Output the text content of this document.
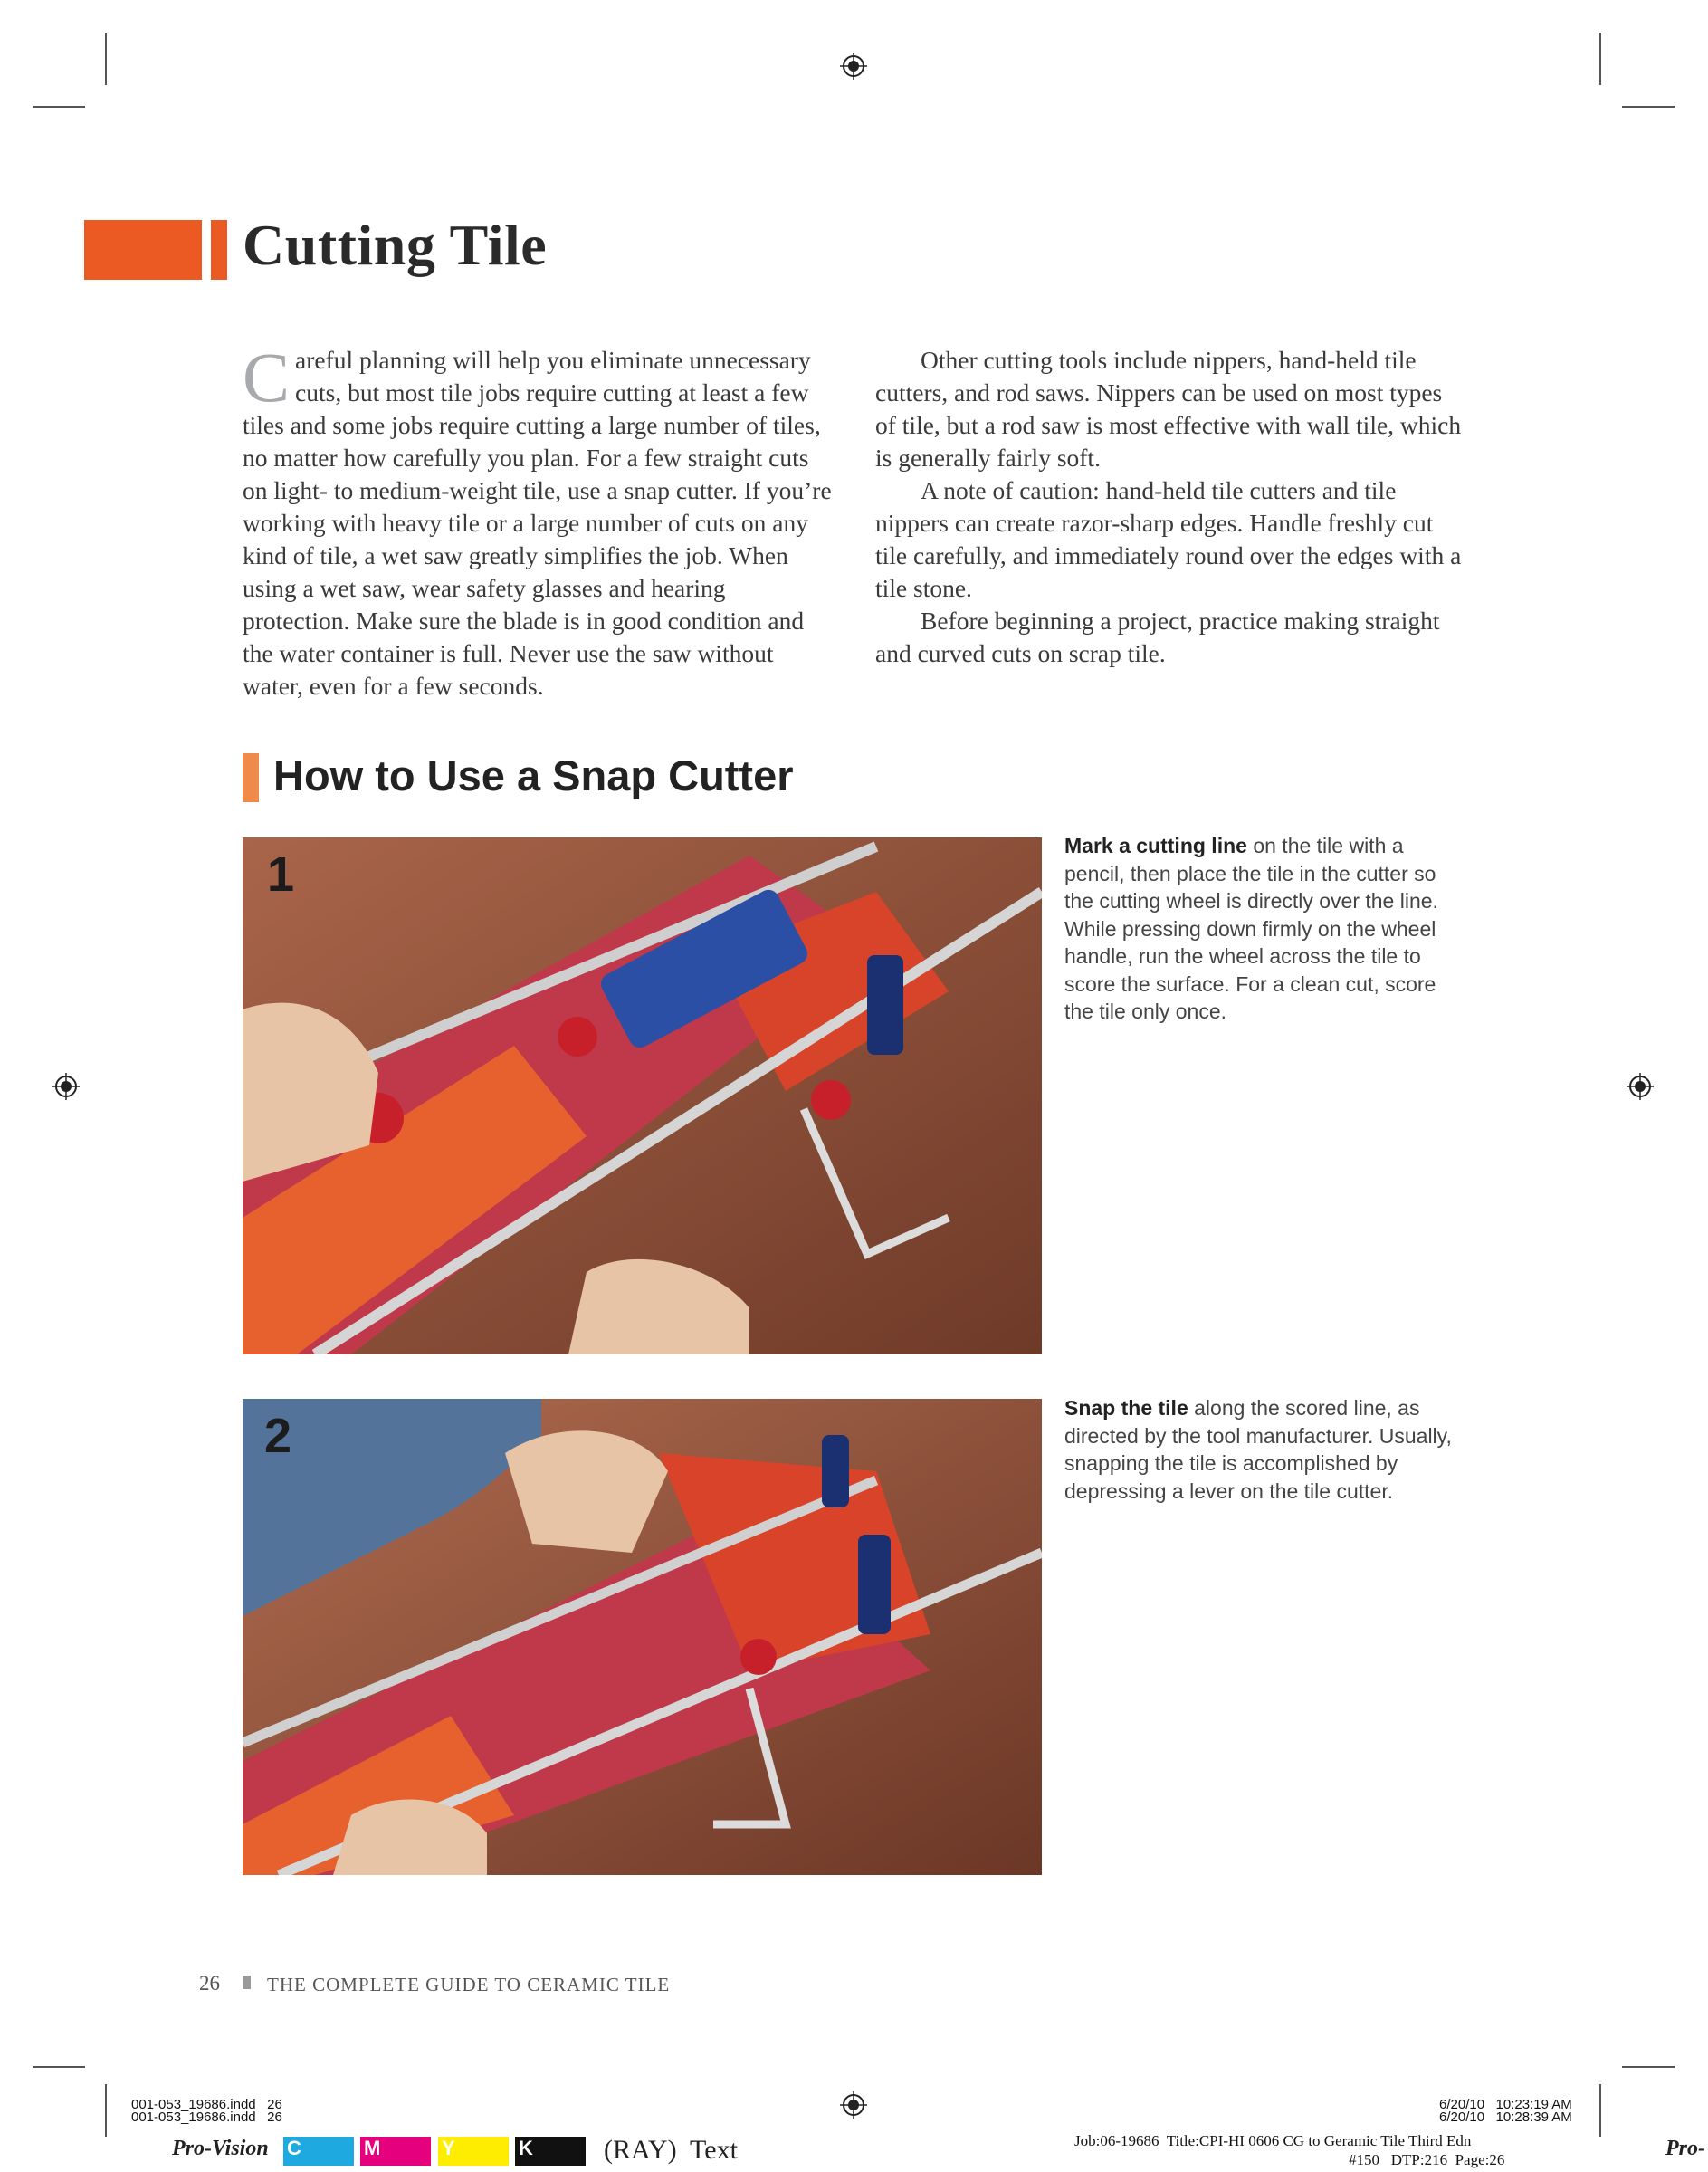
Cutting Tile

Careful planning will help you eliminate unnecessary cuts, but most tile jobs require cutting at least a few tiles and some jobs require cutting a large number of tiles, no matter how carefully you plan. For a few straight cuts on light- to medium-weight tile, use a snap cutter. If you’re working with heavy tile or a large number of cuts on any kind of tile, a wet saw greatly simplifies the job. When using a wet saw, wear safety glasses and hearing protection. Make sure the blade is in good condition and the water container is full. Never use the saw without water, even for a few seconds.

Other cutting tools include nippers, hand-held tile cutters, and rod saws. Nippers can be used on most types of tile, but a rod saw is most effective with wall tile, which is generally fairly soft.

A note of caution: hand-held tile cutters and tile nippers can create razor-sharp edges. Handle freshly cut tile carefully, and immediately round over the edges with a tile stone.

Before beginning a project, practice making straight and curved cuts on scrap tile.

How to Use a Snap Cutter
1
Mark a cutting line on the tile with a pencil, then place the tile in the cutter so the cutting wheel is directly over the line. While pressing down firmly on the wheel handle, run the wheel across the tile to score the surface. For a clean cut, score the tile only once.
2
Snap the tile along the scored line, as directed by the tool manufacturer. Usually, snapping the tile is accomplished by depressing a lever on the tile cutter.
26 THE COMPLETE GUIDE TO CERAMIC TILE
001-053_19686.indd   26
001-053_19686.indd   26
6/20/10   10:23:19 AM
6/20/10   10:28:39 AM
Pro-Vision	Pro-
C	M	Y	K	(RAY)  Text	Job:06-19686  Title:CPI-HI 0606 CG to Geramic Tile Third Edn
#150   DTP:216  Page:26
